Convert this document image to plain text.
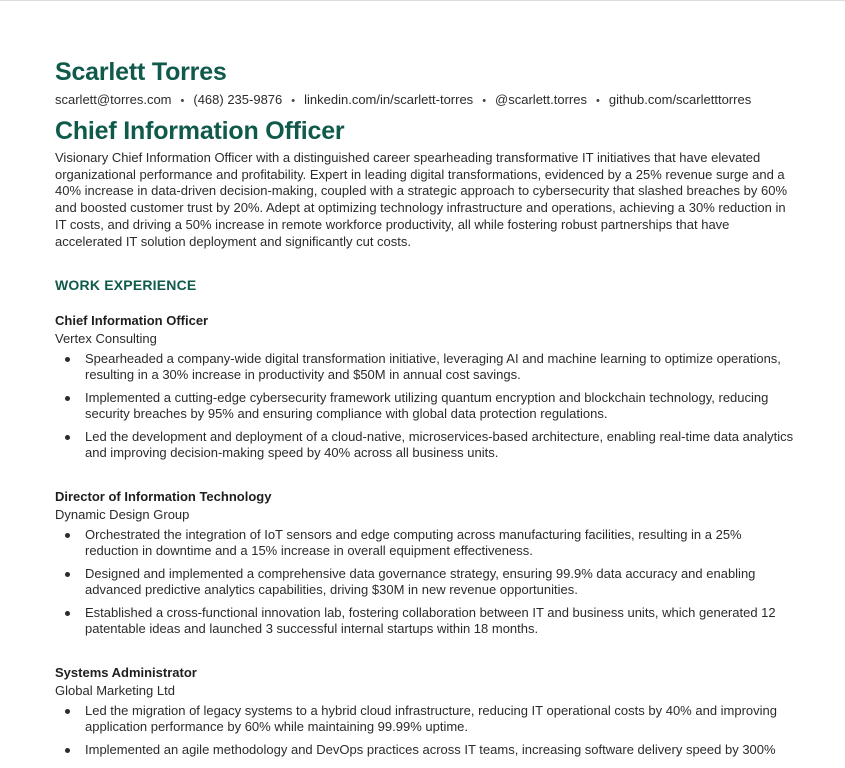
Scarlett Torres
scarlett@torres.com • (468) 235-9876 • linkedin.com/in/scarlett-torres • @scarlett.torres • github.com/scarletttorres
Chief Information Officer

Visionary Chief Information Officer with a distinguished career spearheading transformative IT initiatives that have elevated organizational performance and profitability. Expert in leading digital transformations, evidenced by a 25% revenue surge and a 40% increase in data-driven decision-making, coupled with a strategic approach to cybersecurity that slashed breaches by 60% and boosted customer trust by 20%. Adept at optimizing technology infrastructure and operations, achieving a 30% reduction in IT costs, and driving a 50% increase in remote workforce productivity, all while fostering robust partnerships that have accelerated IT solution deployment and significantly cut costs.

WORK EXPERIENCE
Chief Information Officer
Vertex Consulting
Spearheaded a company-wide digital transformation initiative, leveraging AI and machine learning to optimize operations, resulting in a 30% increase in productivity and $50M in annual cost savings.
Implemented a cutting-edge cybersecurity framework utilizing quantum encryption and blockchain technology, reducing security breaches by 95% and ensuring compliance with global data protection regulations.
Led the development and deployment of a cloud-native, microservices-based architecture, enabling real-time data analytics and improving decision-making speed by 40% across all business units.
Director of Information Technology
Dynamic Design Group
Orchestrated the integration of IoT sensors and edge computing across manufacturing facilities, resulting in a 25% reduction in downtime and a 15% increase in overall equipment effectiveness.
Designed and implemented a comprehensive data governance strategy, ensuring 99.9% data accuracy and enabling advanced predictive analytics capabilities, driving $30M in new revenue opportunities.
Established a cross-functional innovation lab, fostering collaboration between IT and business units, which generated 12 patentable ideas and launched 3 successful internal startups within 18 months.
Systems Administrator
Global Marketing Ltd
Led the migration of legacy systems to a hybrid cloud infrastructure, reducing IT operational costs by 40% and improving application performance by 60% while maintaining 99.99% uptime.
Implemented an agile methodology and DevOps practices across IT teams, increasing software delivery speed by 300%
